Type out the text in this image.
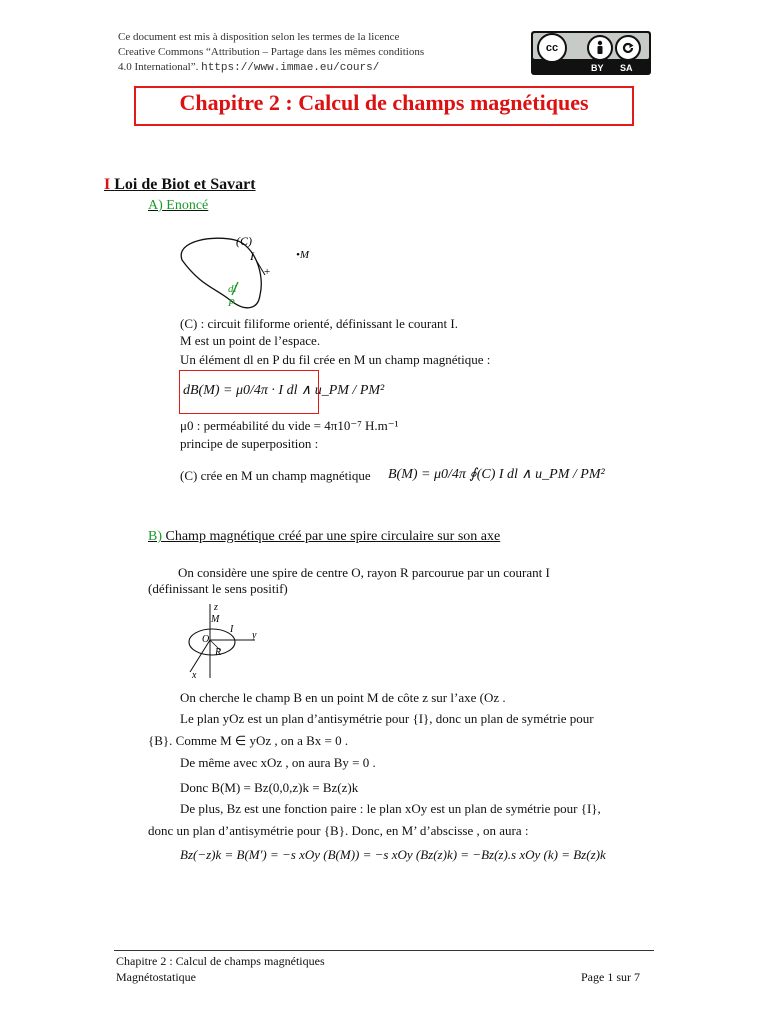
Ce document est mis à disposition selon les termes de la licence
Creative Commons “Attribution – Partage dans les mêmes conditions
4.0 International”. https://www.immae.eu/cours/
cc
BY SA
Chapitre 2 : Calcul de champs magnétiques
I Loi de Biot et Savart
A) Enoncé
(C)
I	•M
+
dl
P
(C) : circuit filiforme orienté, définissant le courant I.
M est un point de l’espace.
Un élément dl en P du fil crée en M un champ magnétique :
dB(M) = μ0/4π · I dl ∧ u_PM / PM²
μ0 : perméabilité du vide = 4π10⁻⁷ H.m⁻¹
principe de superposition :
(C) crée en M un champ magnétique B(M) = μ0/4π ∮(C) I dl ∧ u_PM / PM²
B) Champ magnétique créé par une spire circulaire sur son axe
On considère une spire de centre O, rayon R parcourue par un courant I
(définissant le sens positif)
z
M
I
y
O
R
x
On cherche le champ B en un point M de côte z sur l’axe (Oz .
Le plan yOz est un plan d’antisymétrie pour {I}, donc un plan de symétrie pour
{B}. Comme M ∈ yOz , on a Bx = 0 .
De même avec xOz , on aura By = 0 .
Donc B(M) = Bz(0,0,z)k = Bz(z)k
De plus, Bz est une fonction paire : le plan xOy est un plan de symétrie pour {I},
donc un plan d’antisymétrie pour {B}. Donc, en M’ d’abscisse , on aura :
Bz(−z)k = B(M') = −s xOy (B(M)) = −s xOy (Bz(z)k) = −Bz(z).s xOy (k) = Bz(z)k
Chapitre 2 : Calcul de champs magnétiques
Magnétostatique	Page 1 sur 7
